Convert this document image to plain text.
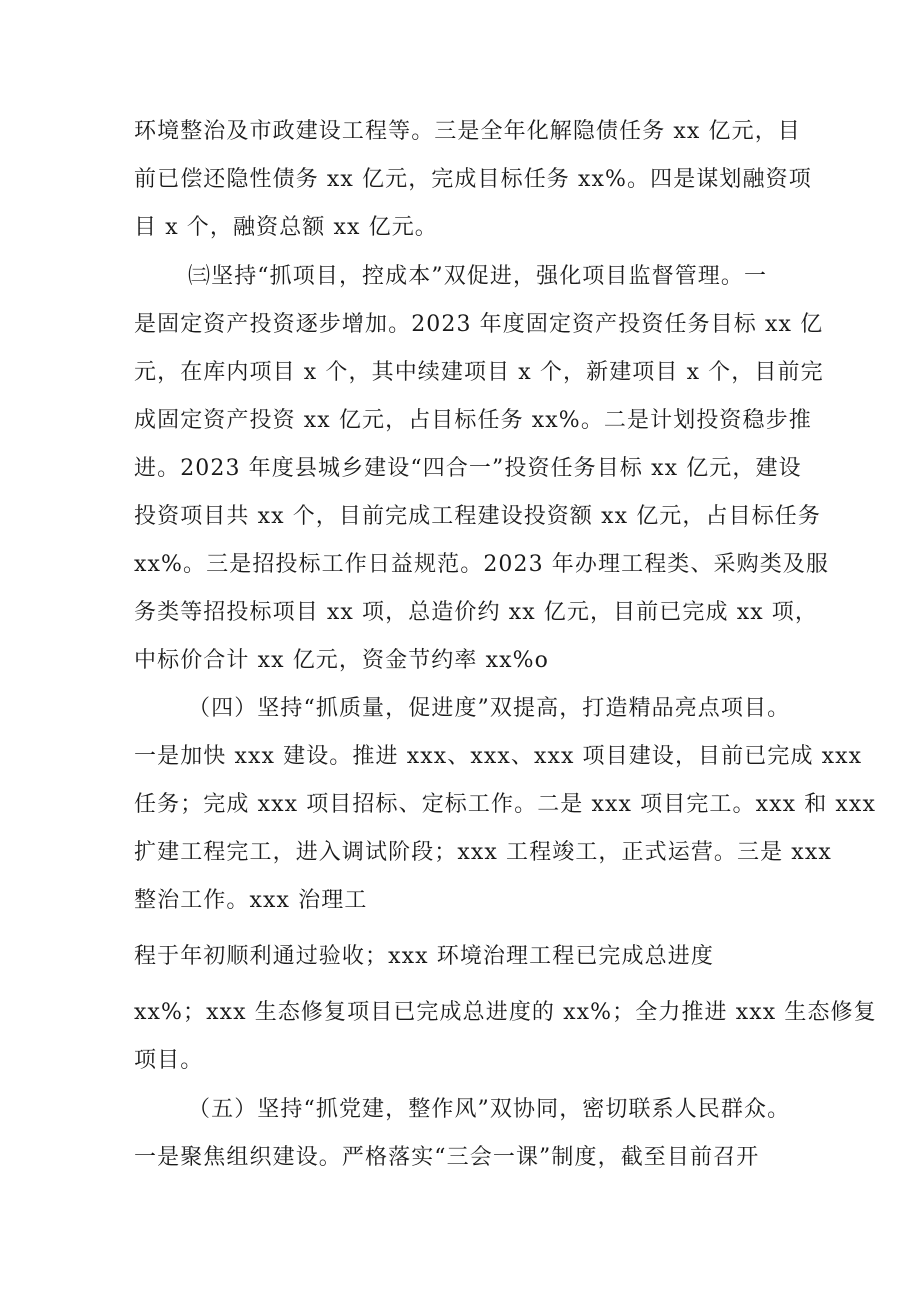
环境整治及市政建设工程等。三是全年化解隐债任务 xx 亿元，目
前已偿还隐性债务 xx 亿元，完成目标任务 xx%。四是谋划融资项
目 x 个，融资总额 xx 亿元。
㈢坚持“抓项目，控成本”双促进，强化项目监督管理。一
是固定资产投资逐步增加。2023 年度固定资产投资任务目标 xx 亿
元，在库内项目 x 个，其中续建项目 x 个，新建项目 x 个，目前完
成固定资产投资 xx 亿元，占目标任务 xx%。二是计划投资稳步推
进。2023 年度县城乡建设“四合一”投资任务目标 xx 亿元，建设
投资项目共 xx 个，目前完成工程建设投资额 xx 亿元，占目标任务
xx%。三是招投标工作日益规范。2023 年办理工程类、采购类及服
务类等招投标项目 xx 项，总造价约 xx 亿元，目前已完成 xx 项，
中标价合计 xx 亿元，资金节约率 xx%o
（四）坚持“抓质量，促进度”双提高，打造精品亮点项目。
一是加快 xxx 建设。推进 xxx、xxx、xxx 项目建设，目前已完成 xxx
任务；完成 xxx 项目招标、定标工作。二是 xxx 项目完工。xxx 和 xxx
扩建工程完工，进入调试阶段；xxx 工程竣工，正式运营。三是 xxx
整治工作。xxx 治理工
程于年初顺利通过验收；xxx 环境治理工程已完成总进度
xx%；xxx 生态修复项目已完成总进度的 xx%；全力推进 xxx 生态修复
项目。
（五）坚持“抓党建，整作风”双协同，密切联系人民群众。
一是聚焦组织建设。严格落实“三会一课”制度，截至目前召开
